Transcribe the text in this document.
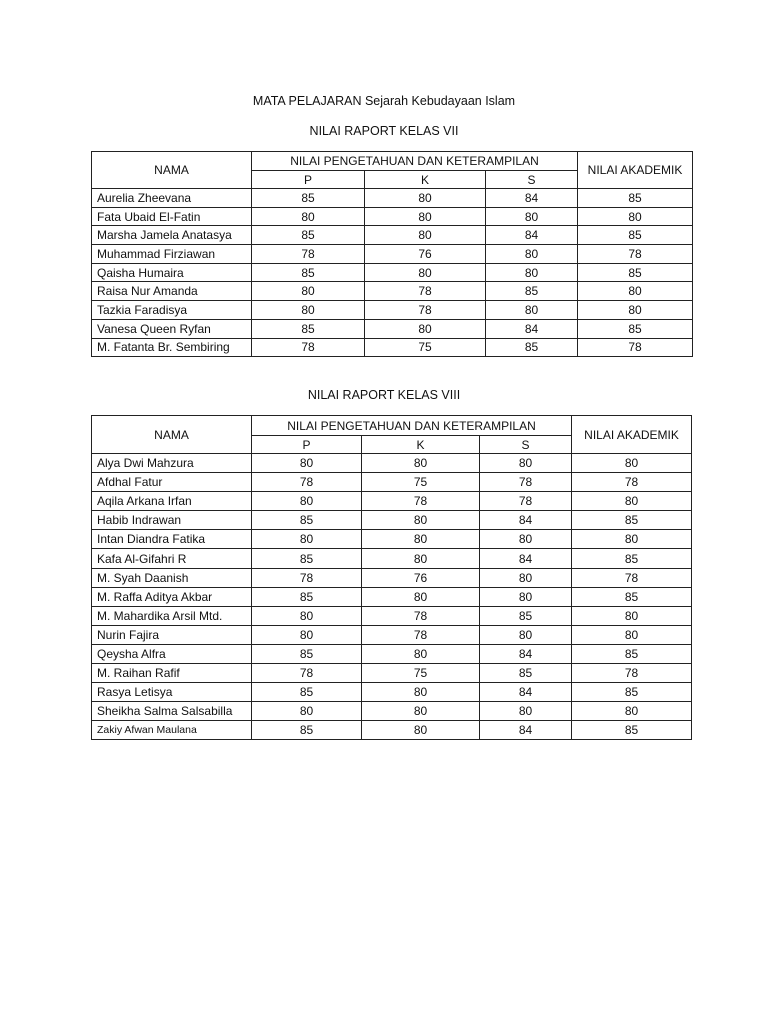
MATA PELAJARAN Sejarah Kebudayaan Islam
NILAI RAPORT KELAS VII
NAMA	NILAI PENGETAHUAN DAN KETERAMPILAN			NILAI AKADEMIK
	P	K	S	
Aurelia Zheevana	85	80	84	85
Fata Ubaid El-Fatin	80	80	80	80
Marsha Jamela Anatasya	85	80	84	85
Muhammad Firziawan	78	76	80	78
Qaisha Humaira	85	80	80	85
Raisa Nur Amanda	80	78	85	80
Tazkia Faradisya	80	78	80	80
Vanesa Queen Ryfan	85	80	84	85
M. Fatanta Br. Sembiring	78	75	85	78
NILAI RAPORT KELAS VIII
NAMA	NILAI PENGETAHUAN DAN KETERAMPILAN			NILAI AKADEMIK
	P	K	S	
Alya Dwi Mahzura	80	80	80	80
Afdhal Fatur	78	75	78	78
Aqila Arkana Irfan	80	78	78	80
Habib Indrawan	85	80	84	85
Intan Diandra Fatika	80	80	80	80
Kafa Al-Gifahri R	85	80	84	85
M. Syah Daanish	78	76	80	78
M. Raffa Aditya Akbar	85	80	80	85
M. Mahardika Arsil Mtd.	80	78	85	80
Nurin Fajira	80	78	80	80
Qeysha Alfra	85	80	84	85
M. Raihan Rafif	78	75	85	78
Rasya Letisya	85	80	84	85
Sheikha Salma Salsabilla	80	80	80	80
Zakiy Afwan Maulana	85	80	84	85
